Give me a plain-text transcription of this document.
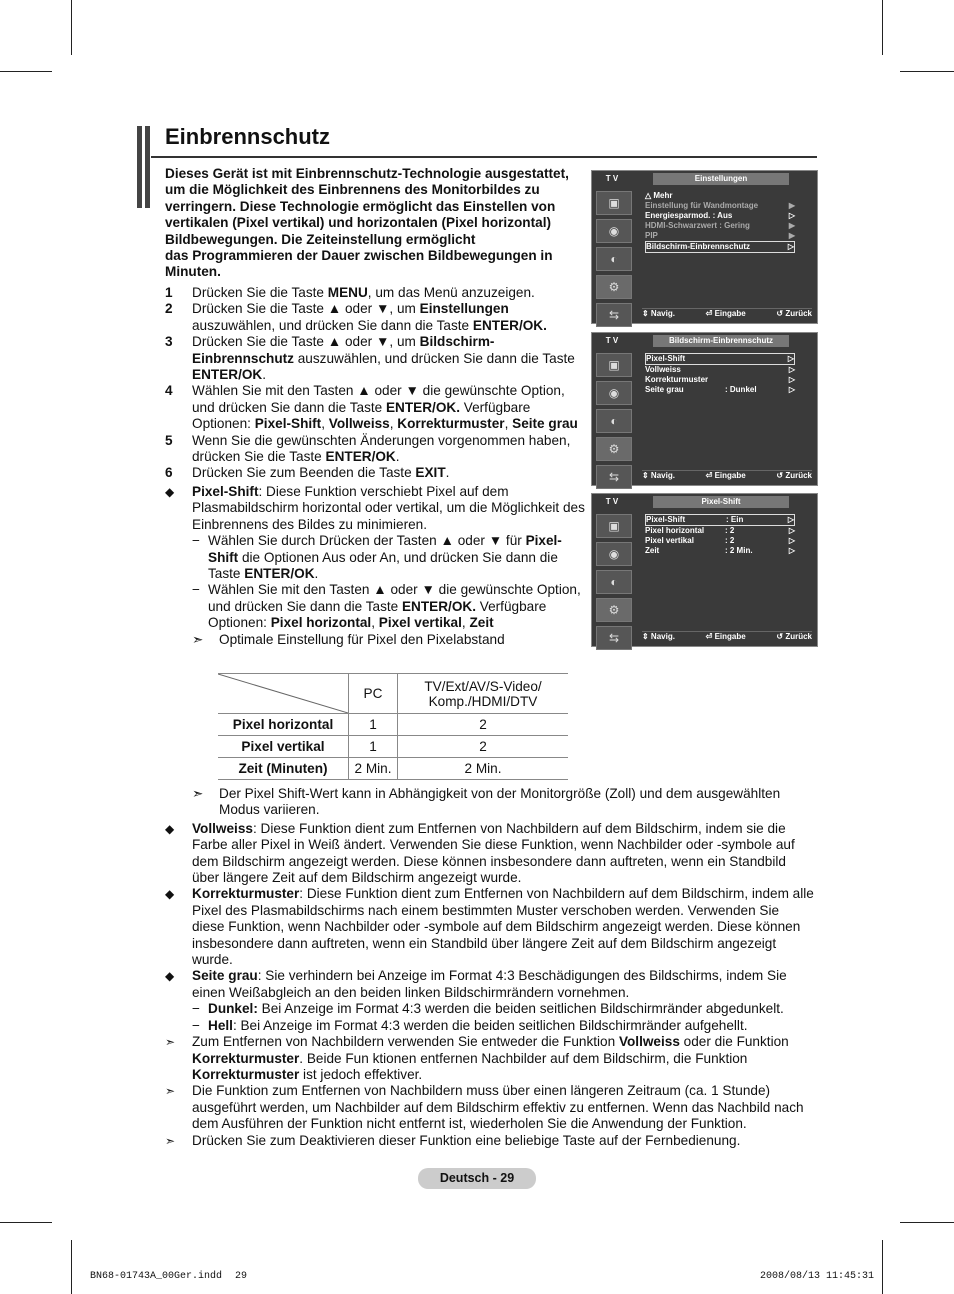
Einbrennschutz

Dieses Gerät ist mit Einbrennschutz-Technologie ausgestattet,

um die Möglichkeit des Einbrennens des Monitorbildes zu

verringern. Diese Technologie ermöglicht das Einstellen von

vertikalen (Pixel vertikal) und horizontalen (Pixel horizontal)

Bildbewegungen. Die Zeiteinstellung ermöglicht

das Programmieren der Dauer zwischen Bildbewegungen in

Minuten.

1	Drücken Sie die Taste MENU, um das Menü anzuzeigen.
2	Drücken Sie die Taste ▲ oder ▼, um Einstellungen auszuwählen, und drücken Sie dann die Taste ENTER/OK.
3	Drücken Sie die Taste ▲ oder ▼, um Bildschirm-Einbrennschutz auszuwählen, und drücken Sie dann die Taste ENTER/OK.
4	Wählen Sie mit den Tasten ▲ oder ▼ die gewünschte Option, und drücken Sie dann die Taste ENTER/OK. Verfügbare Optionen: Pixel-Shift, Vollweiss, Korrekturmuster, Seite grau
5	Wenn Sie die gewünschten Änderungen vorgenommen haben, drücken Sie die Taste ENTER/OK.
6	Drücken Sie zum Beenden die Taste EXIT.
◆	Pixel-Shift: Diese Funktion verschiebt Pixel auf dem Plasmabildschirm horizontal oder vertikal, um die Möglichkeit des Einbrennens des Bildes zu minimieren.
− Wählen Sie durch Drücken der Tasten ▲ oder ▼ für Pixel-Shift die Optionen Aus oder An, und drücken Sie dann die Taste ENTER/OK.
− Wählen Sie mit den Tasten ▲ oder ▼ die gewünschte Option, und drücken Sie dann die Taste ENTER/OK. Verfügbare Optionen: Pixel horizontal, Pixel vertikal, Zeit
➣	Optimale Einstellung für Pixel den Pixelabstand
	PC	TV/Ext/AV/S-Video/ Komp./HDMI/DTV
Pixel horizontal	1	2
Pixel vertikal	1	2
Zeit (Minuten)	2 Min.	2 Min.
➣	Der Pixel Shift-Wert kann in Abhängigkeit von der Monitorgröße (Zoll) und dem ausgewählten Modus variieren.
◆	Vollweiss: Diese Funktion dient zum Entfernen von Nachbildern auf dem Bildschirm, indem sie die Farbe aller Pixel in Weiß ändert. Verwenden Sie diese Funktion, wenn Nachbilder oder -symbole auf dem Bildschirm angezeigt werden. Diese können insbesondere dann auftreten, wenn ein Standbild über längere Zeit auf dem Bildschirm angezeigt wurde.
◆	Korrekturmuster: Diese Funktion dient zum Entfernen von Nachbildern auf dem Bildschirm, indem alle Pixel des Plasmabildschirms nach einem bestimmten Muster verschoben werden. Verwenden Sie diese Funktion, wenn Nachbilder oder -symbole auf dem Bildschirm angezeigt werden. Diese können insbesondere dann auftreten, wenn ein Standbild über längere Zeit auf dem Bildschirm angezeigt wurde.
◆	Seite grau: Sie verhindern bei Anzeige im Format 4:3 Beschädigungen des Bildschirms, indem Sie einen Weißabgleich an den beiden linken Bildschirmrändern vornehmen.
− Dunkel: Bei Anzeige im Format 4:3 werden die beiden seitlichen Bildschirmränder abgedunkelt.
− Hell: Bei Anzeige im Format 4:3 werden die beiden seitlichen Bildschirmränder aufgehellt.
➣	Zum Entfernen von Nachbildern verwenden Sie entweder die Funktion Vollweiss oder die Funktion Korrekturmuster. Beide Fun ktionen entfernen Nachbilder auf dem Bildschirm, die Funktion Korrekturmuster ist jedoch effektiver.
➣	Die Funktion zum Entfernen von Nachbildern muss über einen längeren Zeitraum (ca. 1 Stunde) ausgeführt werden, um Nachbilder auf dem Bildschirm effektiv zu entfernen. Wenn das Nachbild nach dem Ausführen der Funktion nicht entfernt ist, wiederholen Sie die Anwendung der Funktion.
➣	Drücken Sie zum Deaktivieren dieser Funktion eine beliebige Taste auf der Fernbedienung.
T V	Einstellungen
▣
◉
◐
⚙
⇆
△ Mehr
Einstellung für Wandmontage	▶
Energiesparmod. : Aus	▷
HDMI-Schwarzwert : Gering	▶
PIP	▶
Bildschirm-Einbrennschutz	▷
⇕ Navig.	⏎ Eingabe	↺ Zurück
T V	Bildschirm-Einbrennschutz
▣
◉
◐
⚙
⇆
Pixel-Shift	▷
Vollweiss	▷
Korrekturmuster	▷
Seite grau	: Dunkel	▷
⇕ Navig.	⏎ Eingabe	↺ Zurück
T V	Pixel-Shift
▣
◉
◐
⚙
⇆
Pixel-Shift	: Ein	▷
Pixel horizontal	: 2	▷
Pixel vertikal	: 2	▷
Zeit	: 2 Min.	▷
⇕ Navig.	⏎ Eingabe	↺ Zurück
Deutsch - 29
BN68-01743A_00Ger.indd 29	2008/08/13 11:45:31
